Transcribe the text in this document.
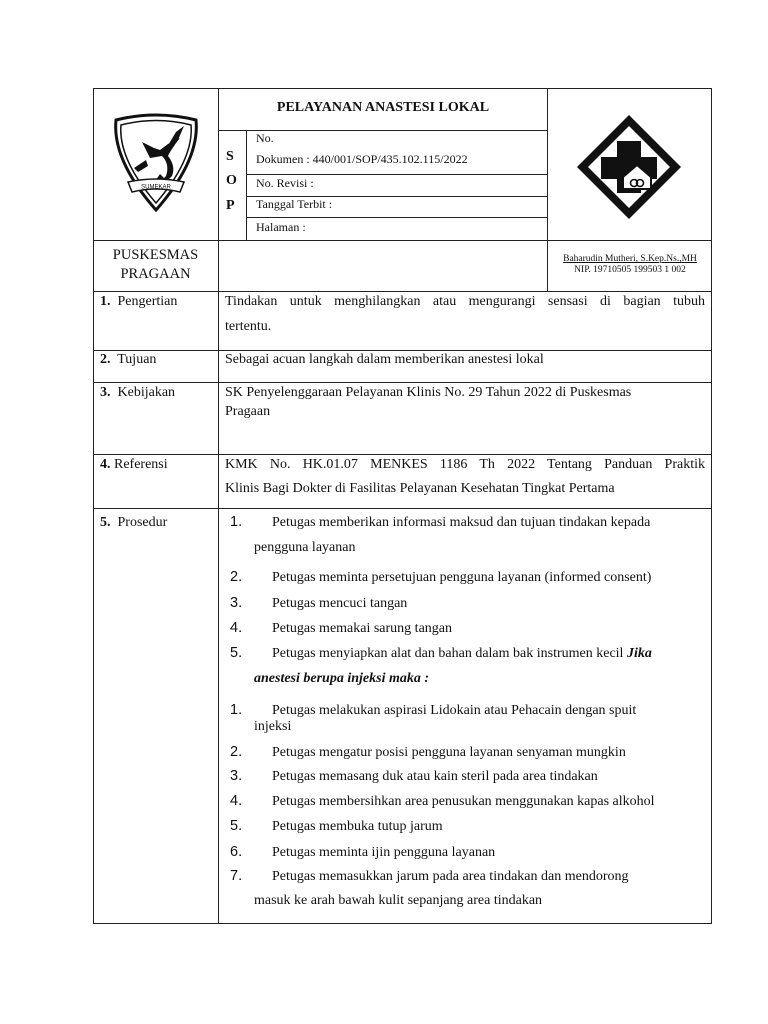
SUMEKAR
PELAYANAN ANASTESI LOKAL
S
O
P
No.
Dokumen : 440/001/SOP/435.102.115/2022
No. Revisi :
Tanggal Terbit :
Halaman :
PUSKESMAS
PRAGAAN
Baharudin Mutheri, S.Kep.Ns.,MH
NIP. 19710505 199503 1 002
1. Pengertian	Tindakan untuk menghilangkan atau mengurangi sensasi di bagian tubuh
tertentu.
2. Tujuan	Sebagai acuan langkah dalam memberikan anestesi lokal
3. Kebijakan	SK Penyelenggaraan Pelayanan Klinis No. 29 Tahun 2022 di Puskesmas
Pragaan
4. Referensi	KMK No. HK.01.07 MENKES 1186 Th 2022 Tentang Panduan Praktik
Klinis Bagi Dokter di Fasilitas Pelayanan Kesehatan Tingkat Pertama
5. Prosedur	1. Petugas memberikan informasi maksud dan tujuan tindakan kepada
pengguna layanan
2. Petugas meminta persetujuan pengguna layanan (informed consent)
3. Petugas mencuci tangan
4. Petugas memakai sarung tangan
5. Petugas menyiapkan alat dan bahan dalam bak instrumen kecil Jika
anestesi berupa injeksi maka :
1. Petugas melakukan aspirasi Lidokain atau Pehacain dengan spuit
injeksi
2. Petugas mengatur posisi pengguna layanan senyaman mungkin
3. Petugas memasang duk atau kain steril pada area tindakan
4. Petugas membersihkan area penusukan menggunakan kapas alkohol
5. Petugas membuka tutup jarum
6. Petugas meminta ijin pengguna layanan
7. Petugas memasukkan jarum pada area tindakan dan mendorong
masuk ke arah bawah kulit sepanjang area tindakan
